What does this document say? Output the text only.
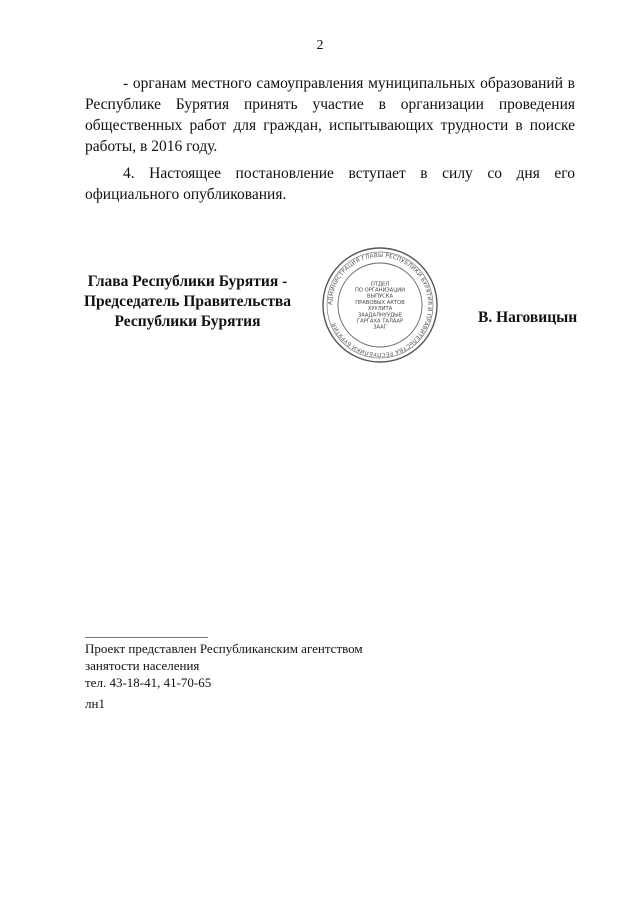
2
- органам местного самоуправления муниципальных образований в Республике Бурятия принять участие в организации проведения общественных работ для граждан, испытывающих трудности в поиске работы, в 2016 году.
4. Настоящее постановление вступает в силу со дня его официального опубликования.
Глава Республики Бурятия -
Председатель Правительства
Республики Бурятия
АДМИНИСТРАЦИЯ ГЛАВЫ РЕСПУБЛИКИ БУРЯТИЯ И ПРАВИТЕЛЬСТВА РЕСПУБЛИКИ БУРЯТИЯ
ОТДЕЛ
ПО ОРГАНИЗАЦИИ
ВЫПУСКА
ПРАВОВЫХ АКТОВ
ХУУЛИТА
ЗААДАЛНУУДЫЕ
ГАРГАХА ТАЛААР
ЗААГ
В. Наговицын
Проект представлен Республиканским агентством
занятости населения
тел. 43-18-41, 41-70-65
лн1
